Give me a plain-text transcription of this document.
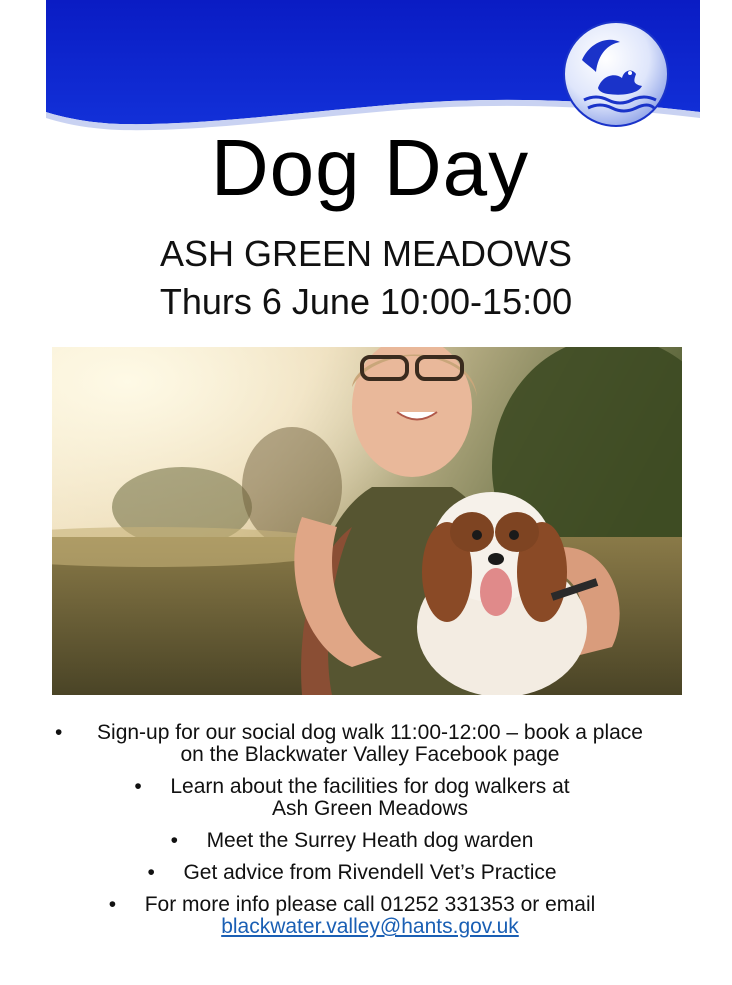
Dog Day
ASH GREEN MEADOWS
Thurs 6 June 10:00-15:00
• Sign-up for our social dog walk 11:00-12:00 – book a place
on the Blackwater Valley Facebook page
• Learn about the facilities for dog walkers at
Ash Green Meadows
• Meet the Surrey Heath dog warden
• Get advice from Rivendell Vet’s Practice
• For more info please call 01252 331353 or email
blackwater.valley@hants.gov.uk
